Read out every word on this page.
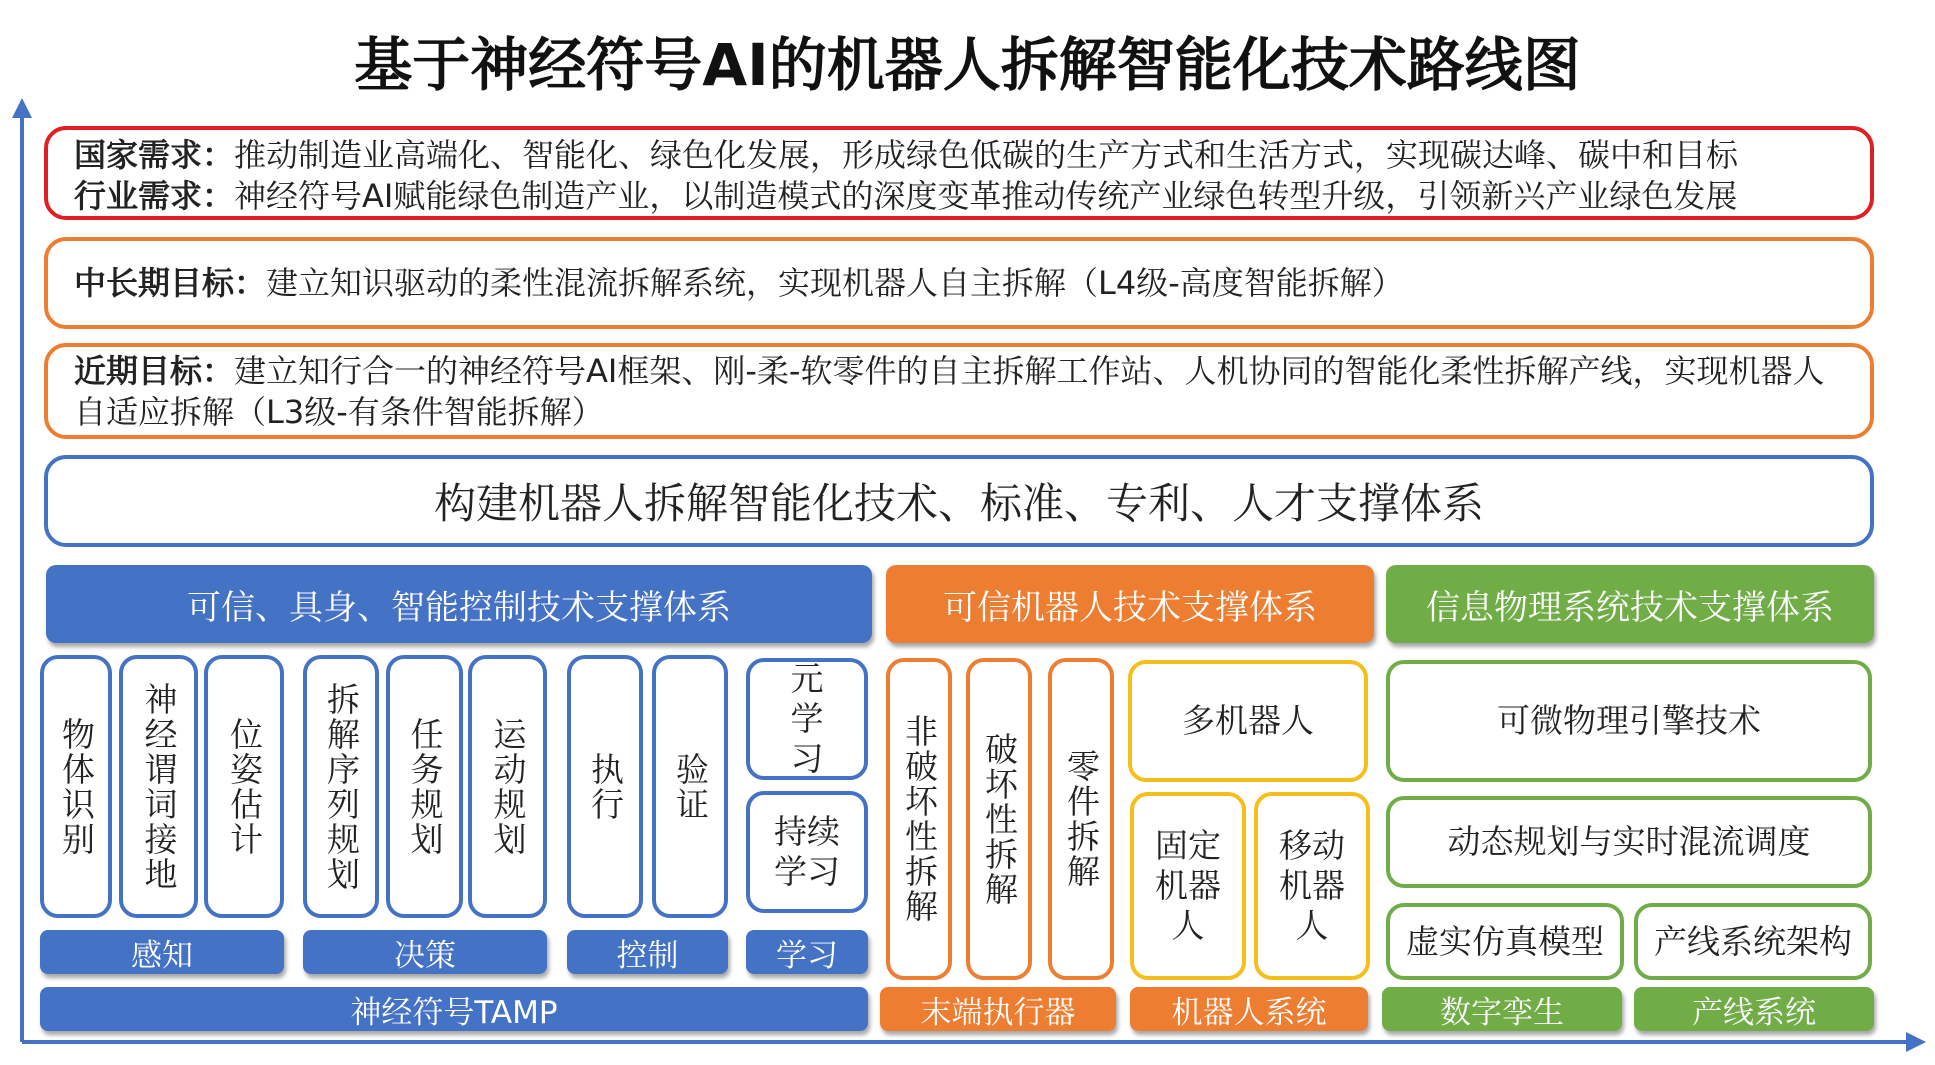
基于神经符号AI的机器人拆解智能化技术路线图
国家需求：推动制造业高端化、智能化、绿色化发展，形成绿色低碳的生产方式和生活方式，实现碳达峰、碳中和目标
行业需求：神经符号AI赋能绿色制造产业，以制造模式的深度变革推动传统产业绿色转型升级，引领新兴产业绿色发展
中长期目标：建立知识驱动的柔性混流拆解系统，实现机器人自主拆解（L4级-高度智能拆解）
近期目标：建立知行合一的神经符号AI框架、刚-柔-软零件的自主拆解工作站、人机协同的智能化柔性拆解产线，实现机器人自适应拆解（L3级-有条件智能拆解）
构建机器人拆解智能化技术、标准、专利、人才支撑体系
可信、具身、智能控制技术支撑体系	可信机器人技术支撑体系	信息物理系统技术支撑体系
物体识别	神经谓词接地	位姿估计	拆解序列规划	任务规划	运动规划	执行	验证
元学习
持续学习
感知	决策	控制	学习
神经符号TAMP
非破坏性拆解	破坏性拆解	零件拆解
多机器人
固定机器人
移动机器人
末端执行器	机器人系统
可微物理引擎技术
动态规划与实时混流调度
虚实仿真模型	产线系统架构
数字孪生	产线系统
